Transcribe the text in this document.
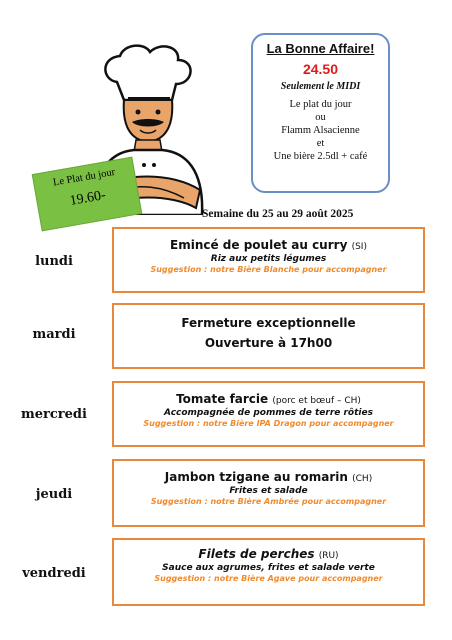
La Bonne Affaire!
24.50
Seulement le MIDI
Le plat du jour
ou
Flamm Alsacienne
et
Une bière 2.5dl + café
Le Plat du jour
19.60-
Semaine du 25 au 29 août 2025
lundi
Emincé de poulet au curry (SI)
Riz aux petits légumes
Suggestion : notre Bière Blanche pour accompagner
mardi
Fermeture exceptionnelle
Ouverture à 17h00
mercredi
Tomate farcie (porc et bœuf – CH)
Accompagnée de pommes de terre rôties
Suggestion : notre Bière IPA Dragon pour accompagner
jeudi
Jambon tzigane au romarin (CH)
Frites et salade
Suggestion : notre Bière Ambrée pour accompagner
vendredi
Filets de perches (RU)
Sauce aux agrumes, frites et salade verte
Suggestion : notre Bière Agave pour accompagner
